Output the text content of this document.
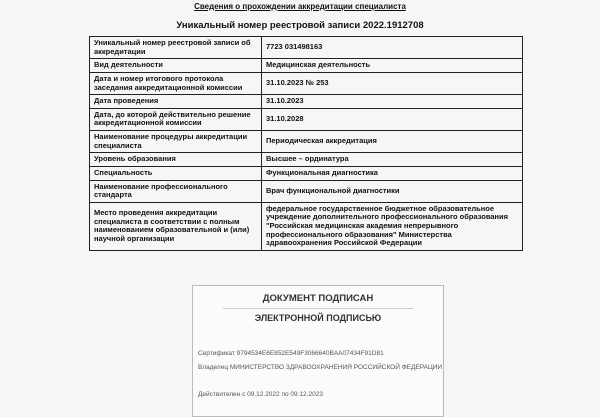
Сведения о прохождении аккредитации специалиста
Уникальный номер реестровой записи 2022.1912708
Уникальный номер реестровой записи об аккредитации	7723 031498163
Вид деятельности	Медицинская деятельность
Дата и номер итогового протокола заседания аккредитационной комиссии	31.10.2023 № 253
Дата проведения	31.10.2023
Дата, до которой действительно решение аккредитационной комиссии	31.10.2028
Наименование процедуры аккредитации специалиста	Периодическая аккредитация
Уровень образования	Высшее – ординатура
Специальность	Функциональная диагностика
Наименование профессионального стандарта	Врач функциональной диагностики
Место проведения аккредитации специалиста в соответствии с полным наименованием образовательной и (или) научной организации	федеральное государственное бюджетное образовательное учреждение дополнительного профессионального образования "Российская медицинская академия непрерывного профессионального образования" Министерства здравоохранения Российской Федерации
ДОКУМЕНТ ПОДПИСАН
ЭЛЕКТРОННОЙ ПОДПИСЬЮ
Сертификат 9794534E6E852E549F3066640BAA07434F91D81
Владелец МИНИСТЕРСТВО ЗДРАВООХРАНЕНИЯ РОССИЙСКОЙ ФЕДЕРАЦИИ
Действителен с 09.12.2022 по 09.12.2023
